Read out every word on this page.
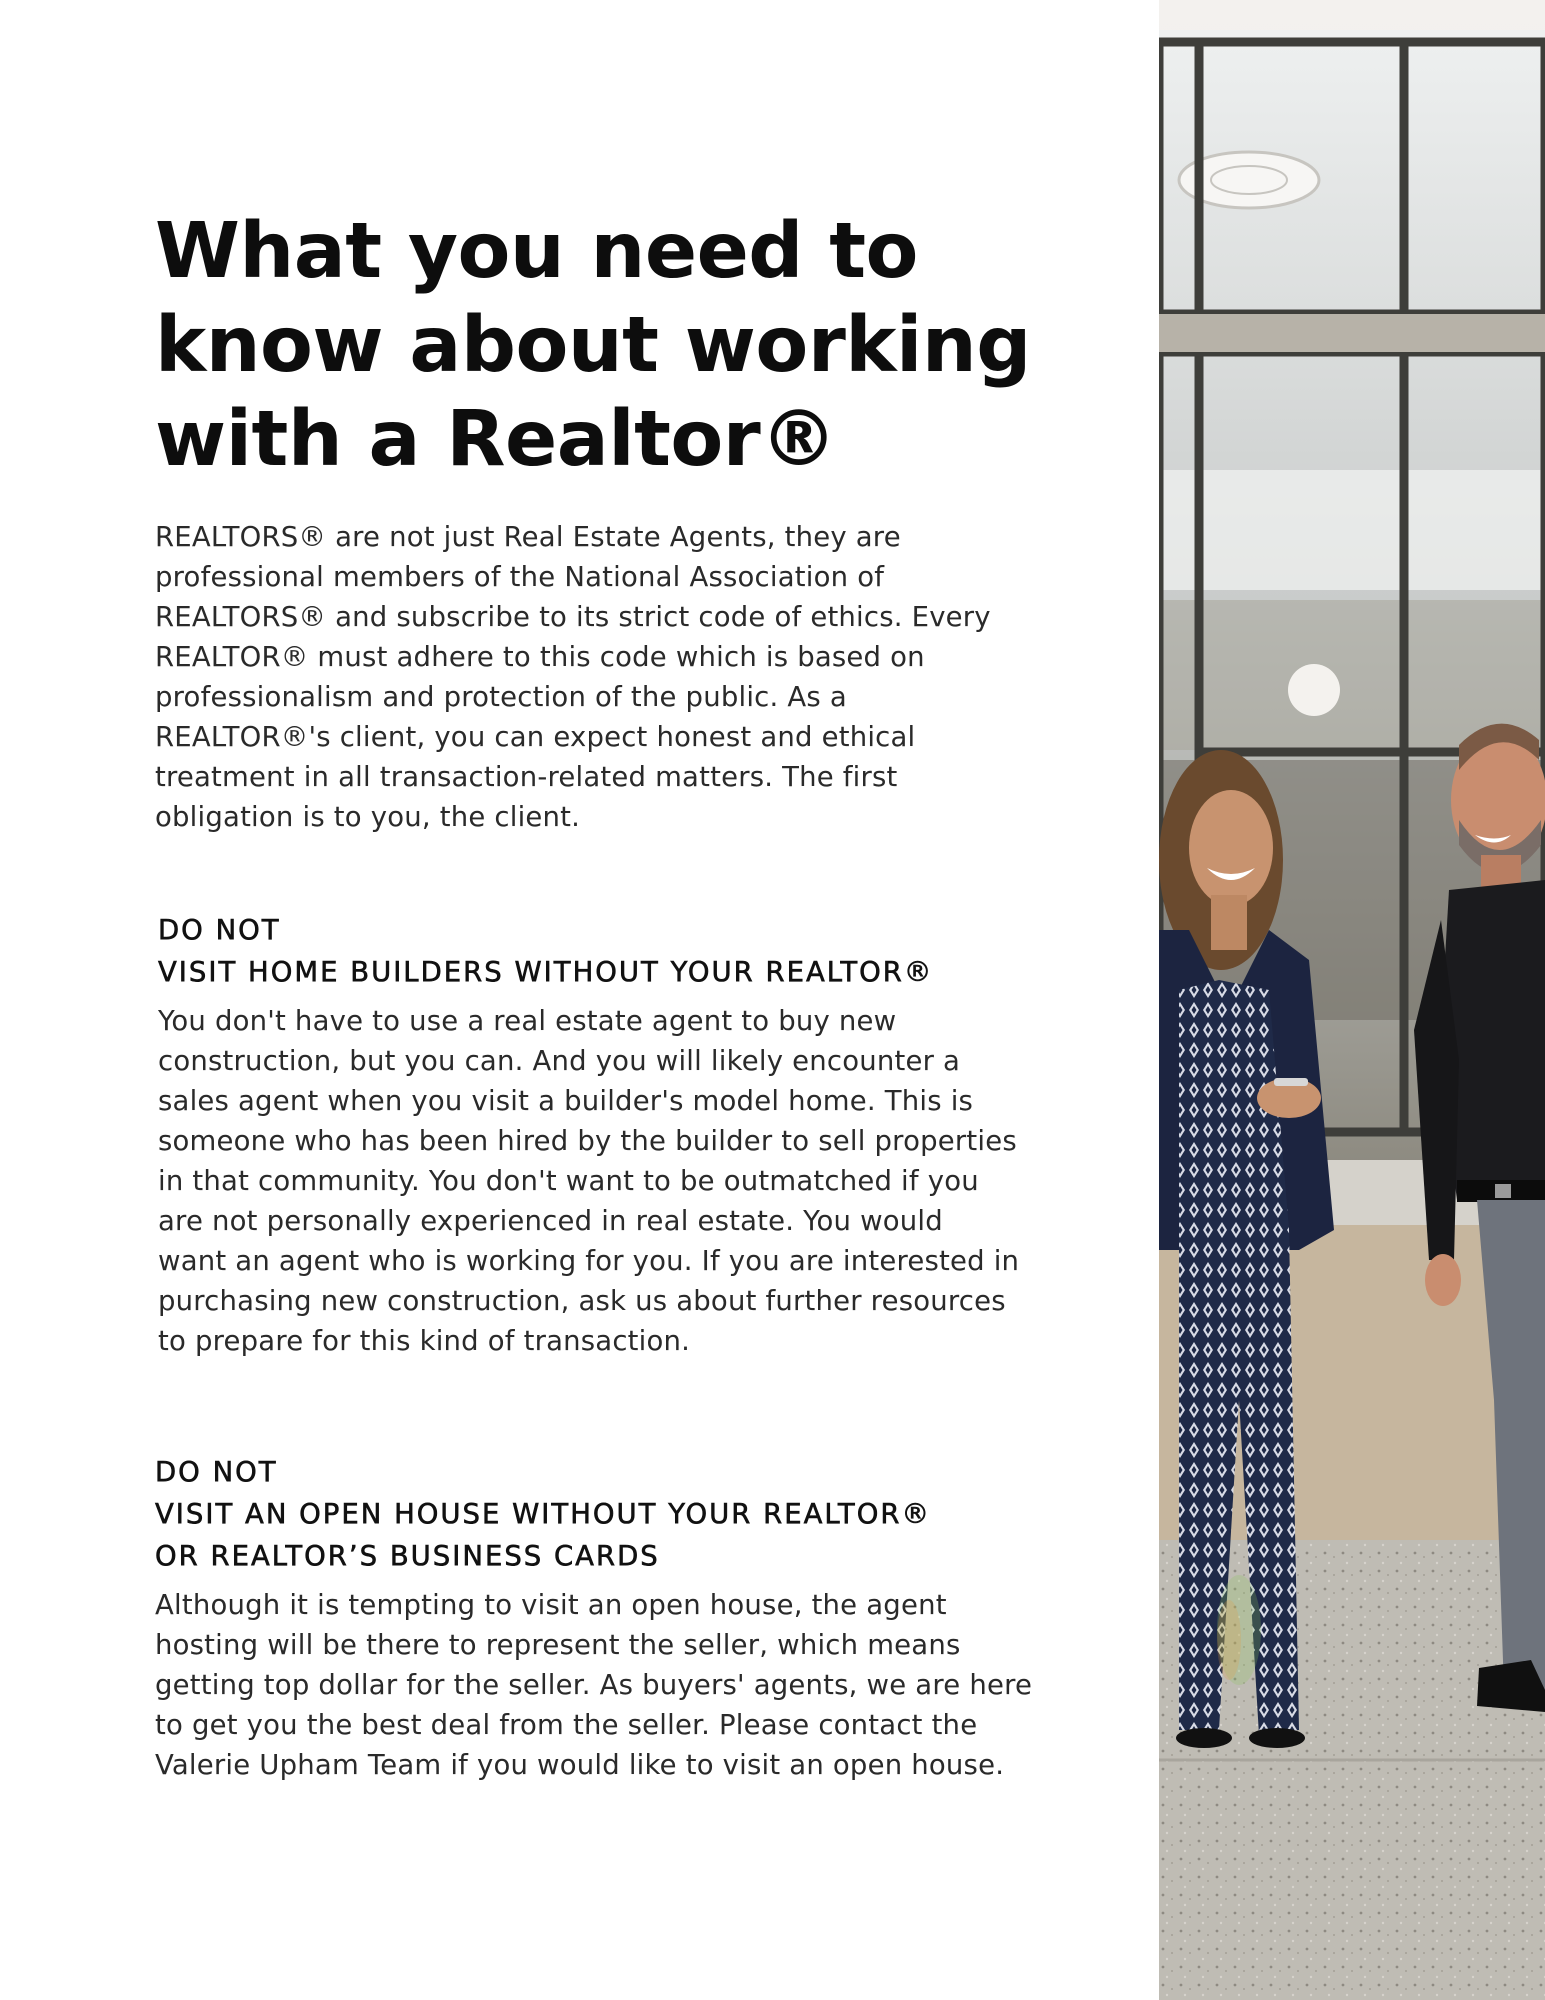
What you need to
know about working
with a Realtor®

REALTORS® are not just Real Estate Agents, they are
professional members of the National Association of
REALTORS® and subscribe to its strict code of ethics. Every
REALTOR® must adhere to this code which is based on
professionalism and protection of the public. As a
REALTOR®'s client, you can expect honest and ethical
treatment in all transaction-related matters. The first
obligation is to you, the client.

DO NOT
VISIT HOME BUILDERS WITHOUT YOUR REALTOR®

You don't have to use a real estate agent to buy new
construction, but you can. And you will likely encounter a
sales agent when you visit a builder's model home. This is
someone who has been hired by the builder to sell properties
in that community. You don't want to be outmatched if you
are not personally experienced in real estate. You would
want an agent who is working for you. If you are interested in
purchasing new construction, ask us about further resources
to prepare for this kind of transaction.

DO NOT
VISIT AN OPEN HOUSE WITHOUT YOUR REALTOR®
OR REALTOR’S BUSINESS CARDS

Although it is tempting to visit an open house, the agent
hosting will be there to represent the seller, which means
getting top dollar for the seller. As buyers' agents, we are here
to get you the best deal from the seller. Please contact the
Valerie Upham Team if you would like to visit an open house.
